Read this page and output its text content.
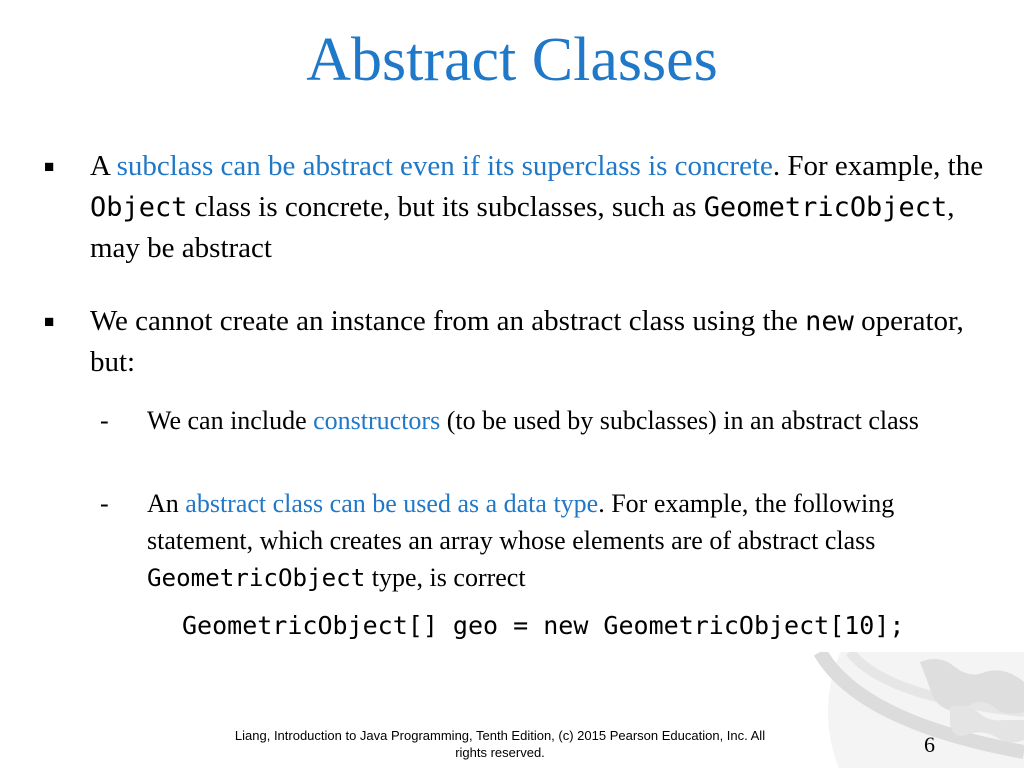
Abstract Classes
■ A subclass can be abstract even if its superclass is concrete. For example, the Object class is concrete, but its subclasses, such as GeometricObject, may be abstract
■ We cannot create an instance from an abstract class using the new operator, but:
- We can include constructors (to be used by subclasses) in an abstract class
- An abstract class can be used as a data type. For example, the following statement, which creates an array whose elements are of abstract class GeometricObject type, is correct
GeometricObject[] geo = new GeometricObject[10];
Liang, Introduction to Java Programming, Tenth Edition, (c) 2015 Pearson Education, Inc. All
rights reserved.	6
